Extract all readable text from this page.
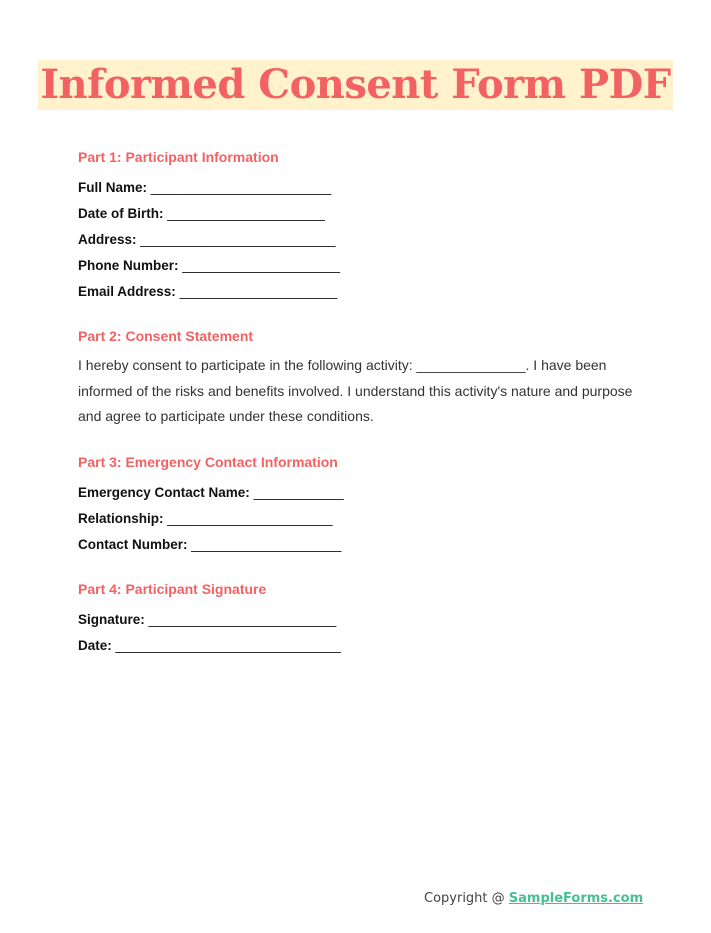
Informed Consent Form PDF
Part 1: Participant Information
Full Name: ________________________
Date of Birth: _____________________
Address: __________________________
Phone Number: _____________________
Email Address: _____________________
Part 2: Consent Statement
I hereby consent to participate in the following activity: ______________. I have been informed of the risks and benefits involved. I understand this activity's nature and purpose and agree to participate under these conditions.
Part 3: Emergency Contact Information
Emergency Contact Name: ____________
Relationship: ______________________
Contact Number: ____________________
Part 4: Participant Signature
Signature: _________________________
Date: ______________________________
Copyright @ SampleForms.com
